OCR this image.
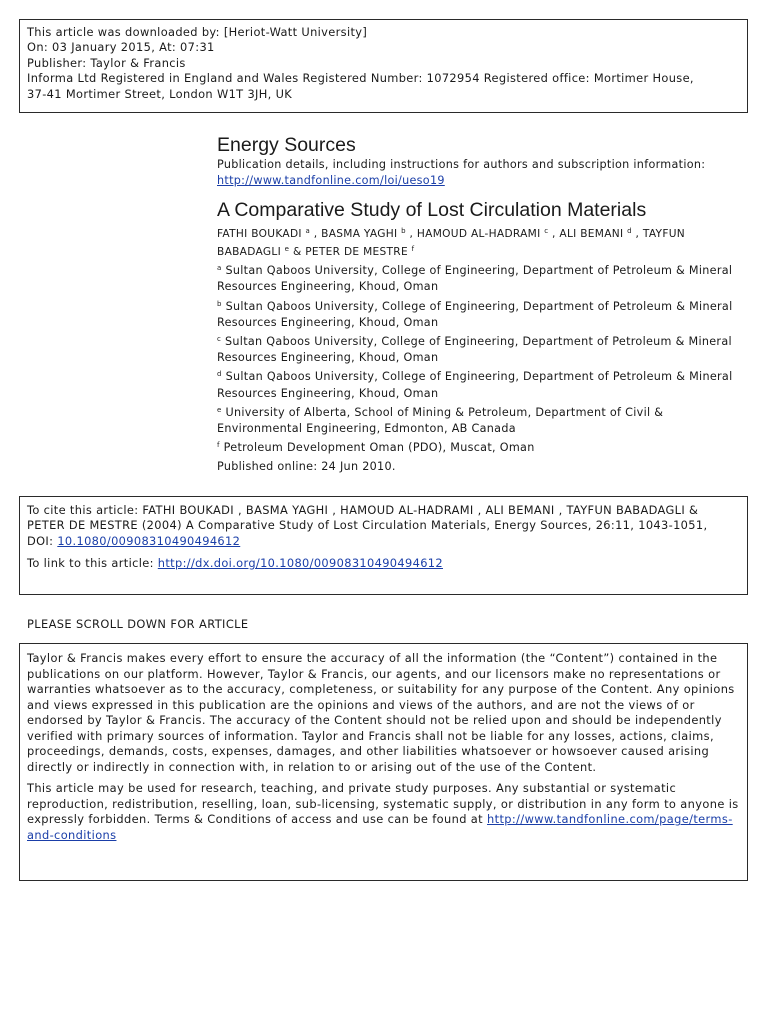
This article was downloaded by: [Heriot-Watt University]
On: 03 January 2015, At: 07:31
Publisher: Taylor & Francis
Informa Ltd Registered in England and Wales Registered Number: 1072954 Registered office: Mortimer House,
37-41 Mortimer Street, London W1T 3JH, UK
Energy Sources
Publication details, including instructions for authors and subscription information:
http://www.tandfonline.com/loi/ueso19
A Comparative Study of Lost Circulation Materials
FATHI BOUKADI $^a$ , BASMA YAGHI $^b$ , HAMOUD AL-HADRAMI $^c$ , ALI BEMANI $^d$ , TAYFUN BABADAGLI $^e$ & PETER DE MESTRE $^f$
$^a$ Sultan Qaboos University, College of Engineering, Department of Petroleum & Mineral Resources Engineering, Khoud, Oman
$^b$ Sultan Qaboos University, College of Engineering, Department of Petroleum & Mineral Resources Engineering, Khoud, Oman
$^c$ Sultan Qaboos University, College of Engineering, Department of Petroleum & Mineral Resources Engineering, Khoud, Oman
$^d$ Sultan Qaboos University, College of Engineering, Department of Petroleum & Mineral Resources Engineering, Khoud, Oman
$^e$ University of Alberta, School of Mining & Petroleum, Department of Civil & Environmental Engineering, Edmonton, AB Canada
$^f$ Petroleum Development Oman (PDO), Muscat, Oman
Published online: 24 Jun 2010.
To cite this article: FATHI BOUKADI , BASMA YAGHI , HAMOUD AL-HADRAMI , ALI BEMANI , TAYFUN BABADAGLI & PETER DE MESTRE (2004) A Comparative Study of Lost Circulation Materials, Energy Sources, 26:11, 1043-1051, DOI: 10.1080/00908310490494612
To link to this article: http://dx.doi.org/10.1080/00908310490494612
PLEASE SCROLL DOWN FOR ARTICLE

Taylor & Francis makes every effort to ensure the accuracy of all the information (the “Content”) contained in the publications on our platform. However, Taylor & Francis, our agents, and our licensors make no representations or warranties whatsoever as to the accuracy, completeness, or suitability for any purpose of the Content. Any opinions and views expressed in this publication are the opinions and views of the authors, and are not the views of or endorsed by Taylor & Francis. The accuracy of the Content should not be relied upon and should be independently verified with primary sources of information. Taylor and Francis shall not be liable for any losses, actions, claims, proceedings, demands, costs, expenses, damages, and other liabilities whatsoever or howsoever caused arising directly or indirectly in connection with, in relation to or arising out of the use of the Content.

This article may be used for research, teaching, and private study purposes. Any substantial or systematic reproduction, redistribution, reselling, loan, sub-licensing, systematic supply, or distribution in any form to anyone is expressly forbidden. Terms & Conditions of access and use can be found at http://www.tandfonline.com/page/terms-and-conditions
